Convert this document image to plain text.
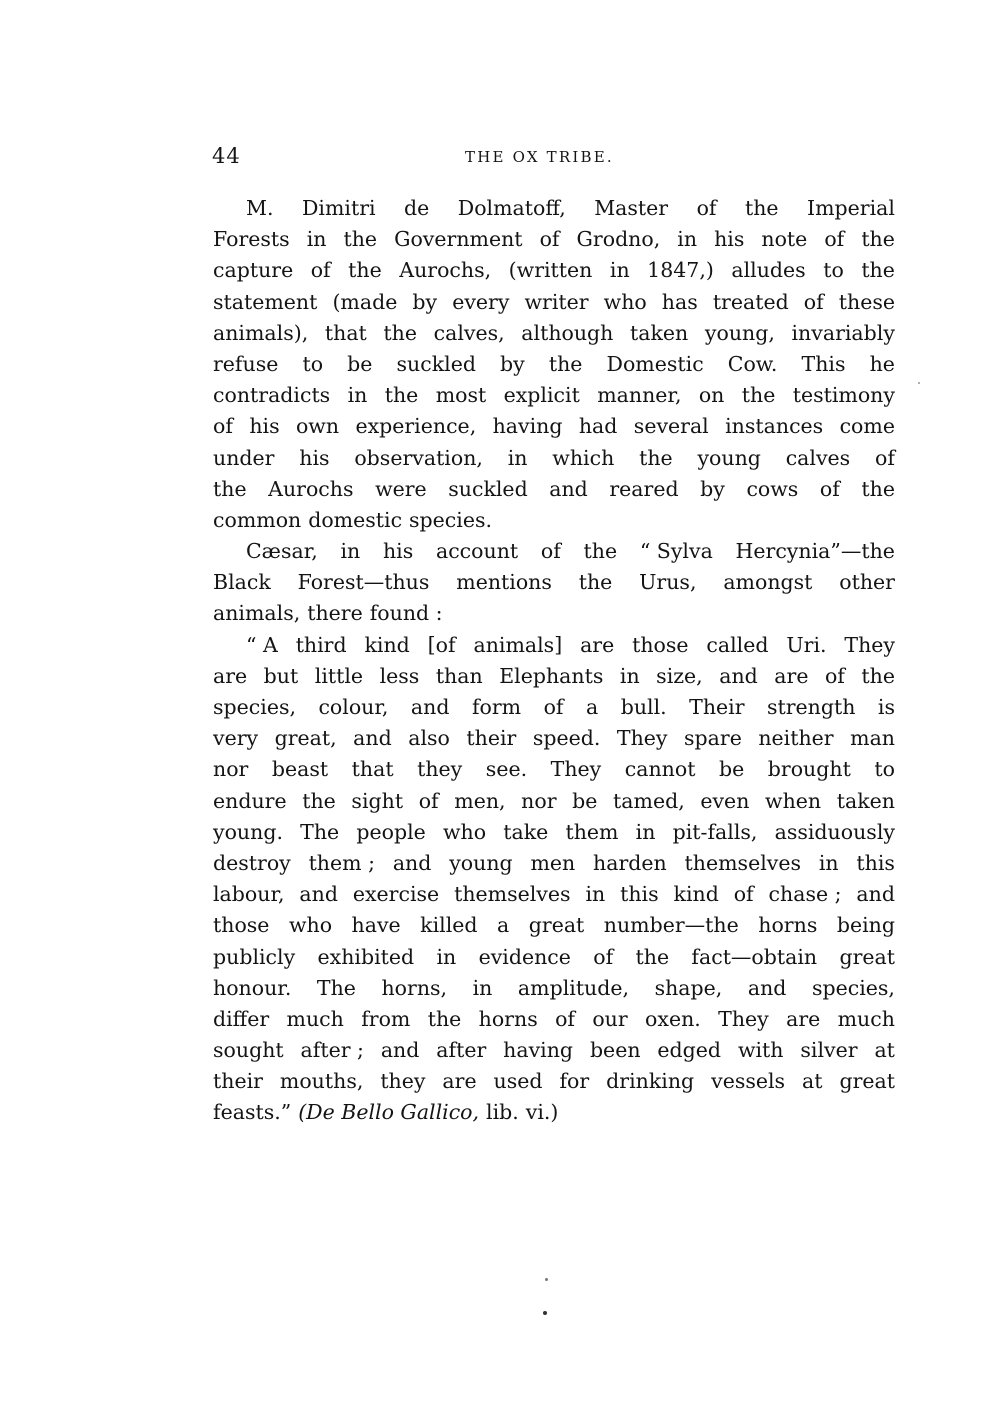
44	THE OX TRIBE.
M. Dimitri de Dolmatoff, Master of the Imperial
Forests in the Government of Grodno, in his note of the
capture of the Aurochs, (written in 1847,) alludes to the
statement (made by every writer who has treated of these
animals), that the calves, although taken young, invariably
refuse to be suckled by the Domestic Cow. This he
contradicts in the most explicit manner, on the testimony
of his own experience, having had several instances come
under his observation, in which the young calves of
the Aurochs were suckled and reared by cows of the
common domestic species.
Cæsar, in his account of the “ Sylva Hercynia”—the
Black Forest—thus mentions the Urus, amongst other
animals, there found :
“ A third kind [of animals] are those called Uri. They
are but little less than Elephants in size, and are of the
species, colour, and form of a bull. Their strength is
very great, and also their speed. They spare neither man
nor beast that they see. They cannot be brought to
endure the sight of men, nor be tamed, even when taken
young. The people who take them in pit-falls, assiduously
destroy them ; and young men harden themselves in this
labour, and exercise themselves in this kind of chase ; and
those who have killed a great number—the horns being
publicly exhibited in evidence of the fact—obtain great
honour. The horns, in amplitude, shape, and species,
differ much from the horns of our oxen. They are much
sought after ; and after having been edged with silver at
their mouths, they are used for drinking vessels at great
feasts.” (De Bello Gallico, lib. vi.)
